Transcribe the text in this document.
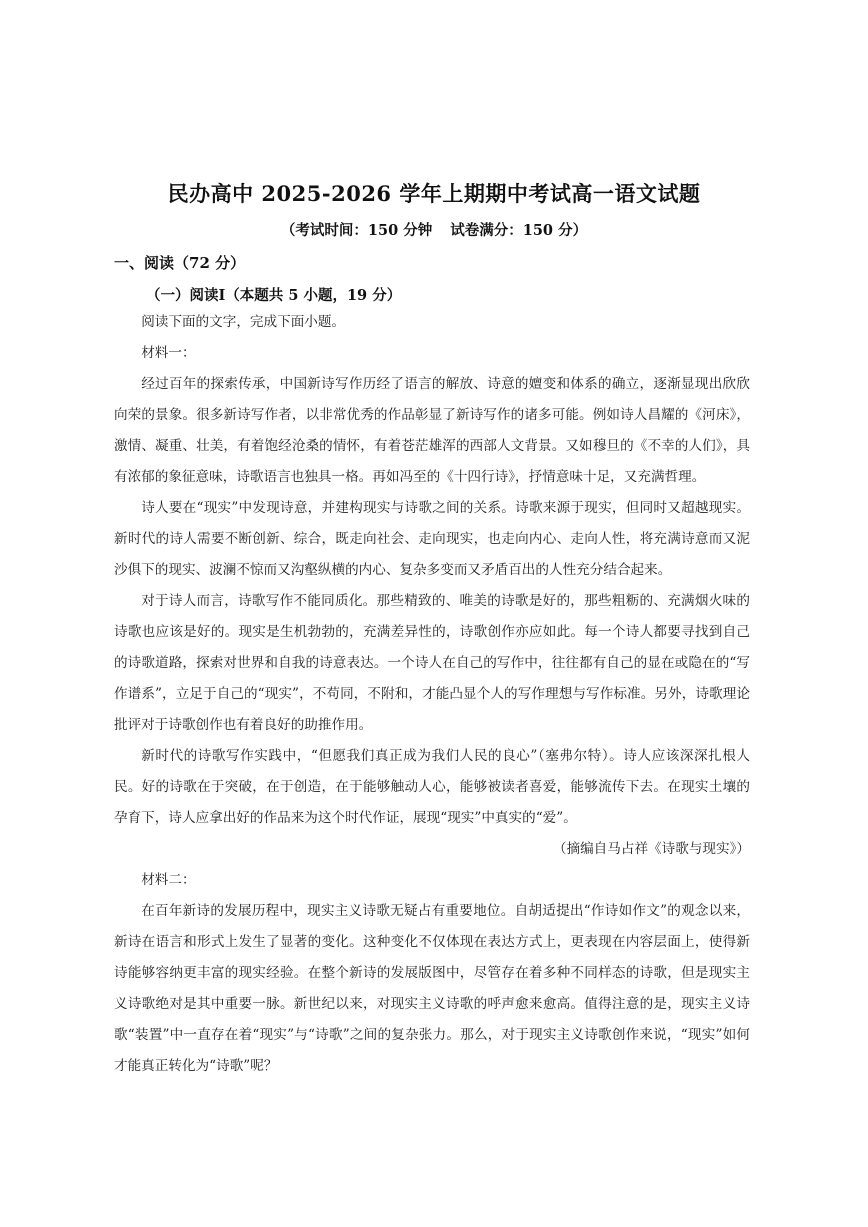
民办高中 2025-2026 学年上期期中考试高一语文试题
（考试时间：150 分钟 试卷满分：150 分）
一、阅读（72 分）
（一）阅读Ⅰ（本题共 5 小题，19 分）

阅读下面的文字，完成下面小题。

材料一：

经过百年的探索传承，中国新诗写作历经了语言的解放、诗意的嬗变和体系的确立，逐渐显现出欣欣向荣的景象。很多新诗写作者，以非常优秀的作品彰显了新诗写作的诸多可能。例如诗人昌耀的《河床》，激情、凝重、壮美，有着饱经沧桑的情怀，有着苍茫雄浑的西部人文背景。又如穆旦的《不幸的人们》，具有浓郁的象征意味，诗歌语言也独具一格。再如冯至的《十四行诗》，抒情意味十足，又充满哲理。

诗人要在“现实”中发现诗意，并建构现实与诗歌之间的关系。诗歌来源于现实，但同时又超越现实。新时代的诗人需要不断创新、综合，既走向社会、走向现实，也走向内心、走向人性，将充满诗意而又泥沙俱下的现实、波澜不惊而又沟壑纵横的内心、复杂多变而又矛盾百出的人性充分结合起来。

对于诗人而言，诗歌写作不能同质化。那些精致的、唯美的诗歌是好的，那些粗粝的、充满烟火味的诗歌也应该是好的。现实是生机勃勃的，充满差异性的，诗歌创作亦应如此。每一个诗人都要寻找到自己的诗歌道路，探索对世界和自我的诗意表达。一个诗人在自己的写作中，往往都有自己的显在或隐在的“写作谱系”，立足于自己的“现实”，不苟同，不附和，才能凸显个人的写作理想与写作标准。另外，诗歌理论批评对于诗歌创作也有着良好的助推作用。

新时代的诗歌写作实践中，“但愿我们真正成为我们人民的良心”（塞弗尔特）。诗人应该深深扎根人民。好的诗歌在于突破，在于创造，在于能够触动人心，能够被读者喜爱，能够流传下去。在现实土壤的孕育下，诗人应拿出好的作品来为这个时代作证，展现“现实”中真实的“爱”。

（摘编自马占祥《诗歌与现实》）

材料二：

在百年新诗的发展历程中，现实主义诗歌无疑占有重要地位。自胡适提出“作诗如作文”的观念以来，新诗在语言和形式上发生了显著的变化。这种变化不仅体现在表达方式上，更表现在内容层面上，使得新诗能够容纳更丰富的现实经验。在整个新诗的发展版图中，尽管存在着多种不同样态的诗歌，但是现实主义诗歌绝对是其中重要一脉。新世纪以来，对现实主义诗歌的呼声愈来愈高。值得注意的是，现实主义诗歌“装置”中一直存在着“现实”与“诗歌”之间的复杂张力。那么，对于现实主义诗歌创作来说，“现实”如何才能真正转化为“诗歌”呢？
